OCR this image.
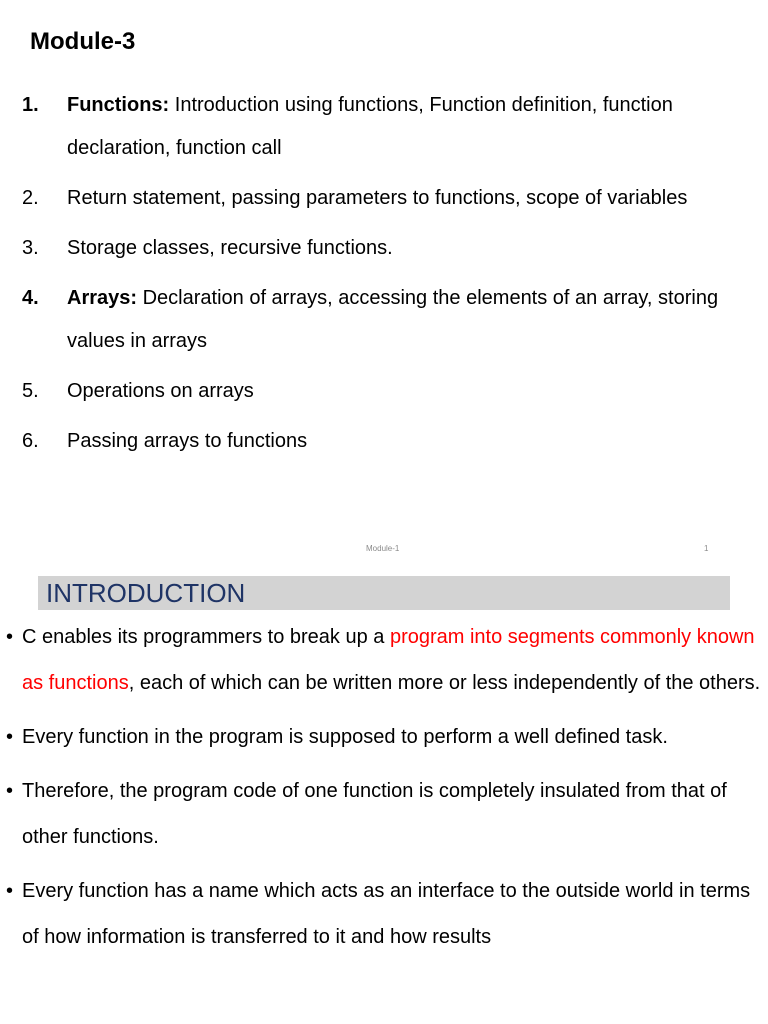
Module-3
1. Functions: Introduction using functions, Function definition, function declaration, function call
2. Return statement, passing parameters to functions, scope of variables
3. Storage classes, recursive functions.
4. Arrays: Declaration of arrays, accessing the elements of an array, storing values in arrays
5. Operations on arrays
6. Passing arrays to functions
Module-1	1
INTRODUCTION
• C enables its programmers to break up a program into segments commonly known as functions, each of which can be written more or less independently of the others.
• Every function in the program is supposed to perform a well defined task.
• Therefore, the program code of one function is completely insulated from that of other functions.
• Every function has a name which acts as an interface to the outside world in terms of how information is transferred to it and how results
